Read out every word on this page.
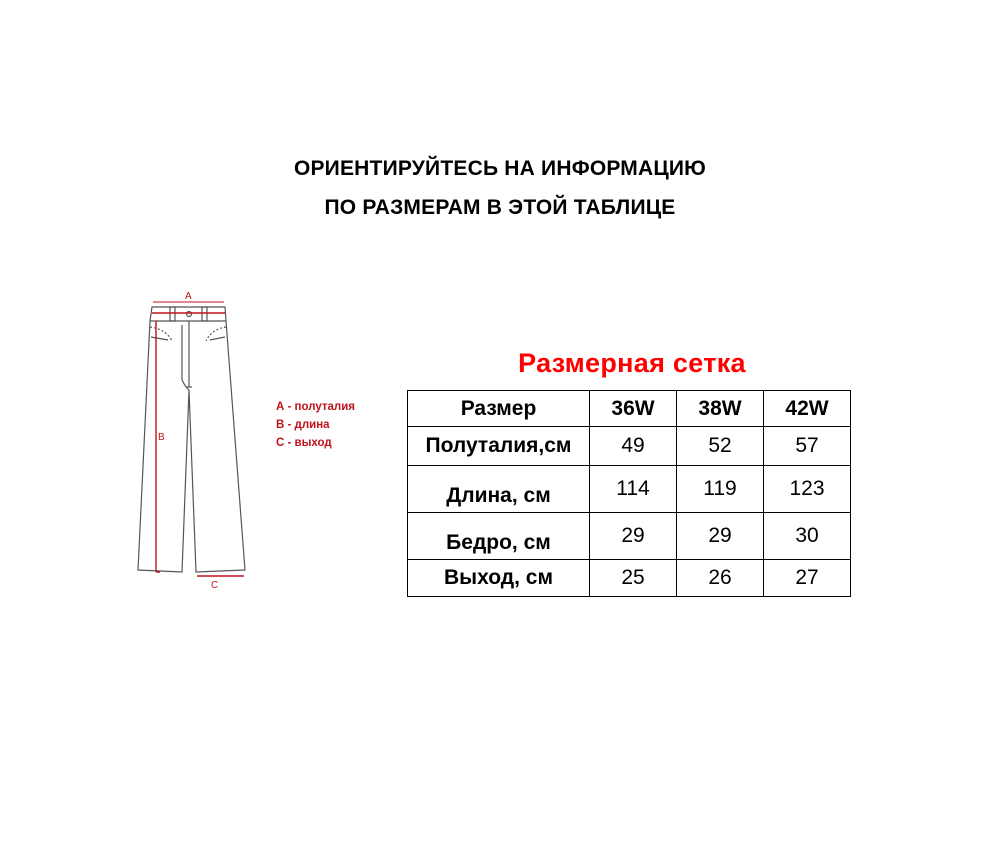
ОРИЕНТИРУЙТЕСЬ НА ИНФОРМАЦИЮ
ПО РАЗМЕРАМ В ЭТОЙ ТАБЛИЦЕ
A
B
C
А - полуталия
В - длина
С - выход
Размерная сетка
Размер	36W	38W	42W
Полуталия,см	49	52	57
Длина, см	114	119	123
Бедро, см	29	29	30
Выход, см	25	26	27
